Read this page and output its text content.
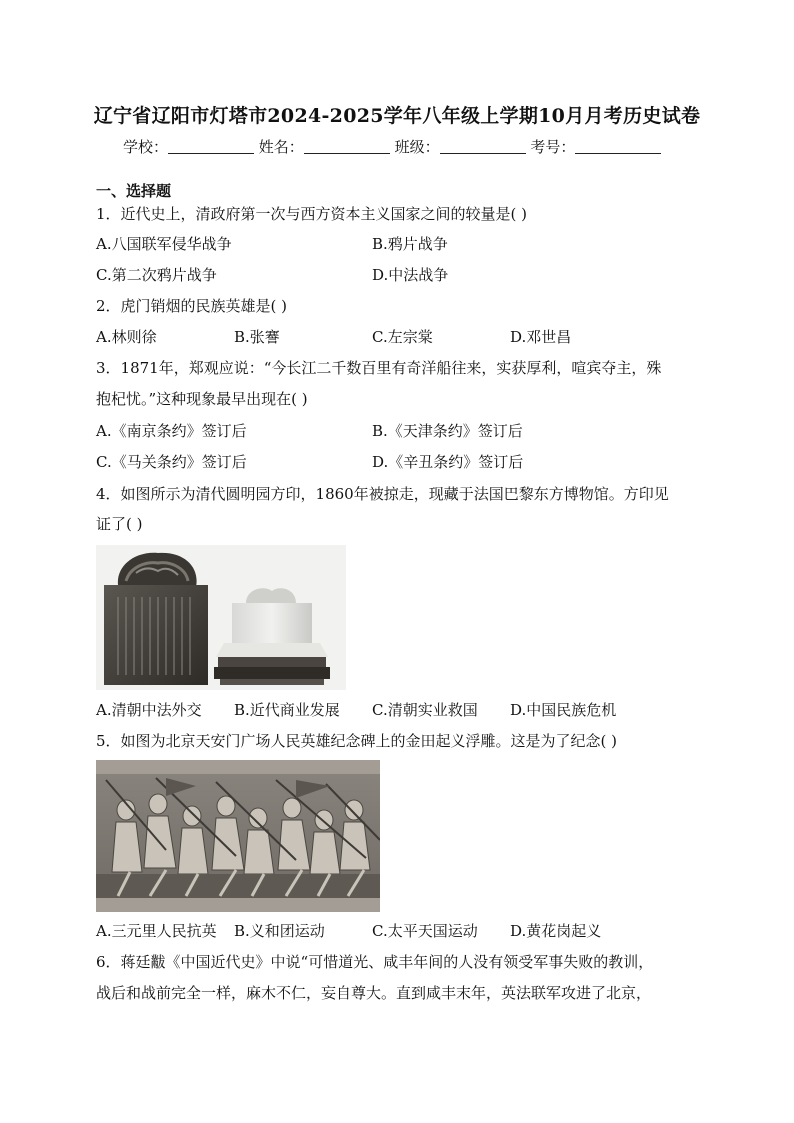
辽宁省辽阳市灯塔市2024-2025学年八年级上学期10月月考历史试卷
学校：	姓名：	班级：	考号：
一、选择题
1．近代史上，清政府第一次与西方资本主义国家之间的较量是( )
A.八国联军侵华战争	B.鸦片战争
C.第二次鸦片战争	D.中法战争
2．虎门销烟的民族英雄是( )
A.林则徐	B.张謇	C.左宗棠	D.邓世昌
3．1871年，郑观应说：“今长江二千数百里有奇洋船往来，实获厚利，喧宾夺主，殊
抱杞忧。”这种现象最早出现在( )
A.《南京条约》签订后	B.《天津条约》签订后
C.《马关条约》签订后	D.《辛丑条约》签订后
4．如图所示为清代圆明园方印，1860年被掠走，现藏于法国巴黎东方博物馆。方印见
证了( )
A.清朝中法外交 B.近代商业发展 C.清朝实业救国 D.中国民族危机
5．如图为北京天安门广场人民英雄纪念碑上的金田起义浮雕。这是为了纪念( )
A.三元里人民抗英 B.义和团运动	C.太平天国运动 D.黄花岗起义
6．蒋廷黻《中国近代史》中说“可惜道光、咸丰年间的人没有领受军事失败的教训，
战后和战前完全一样，麻木不仁，妄自尊大。直到咸丰末年，英法联军攻进了北京，
